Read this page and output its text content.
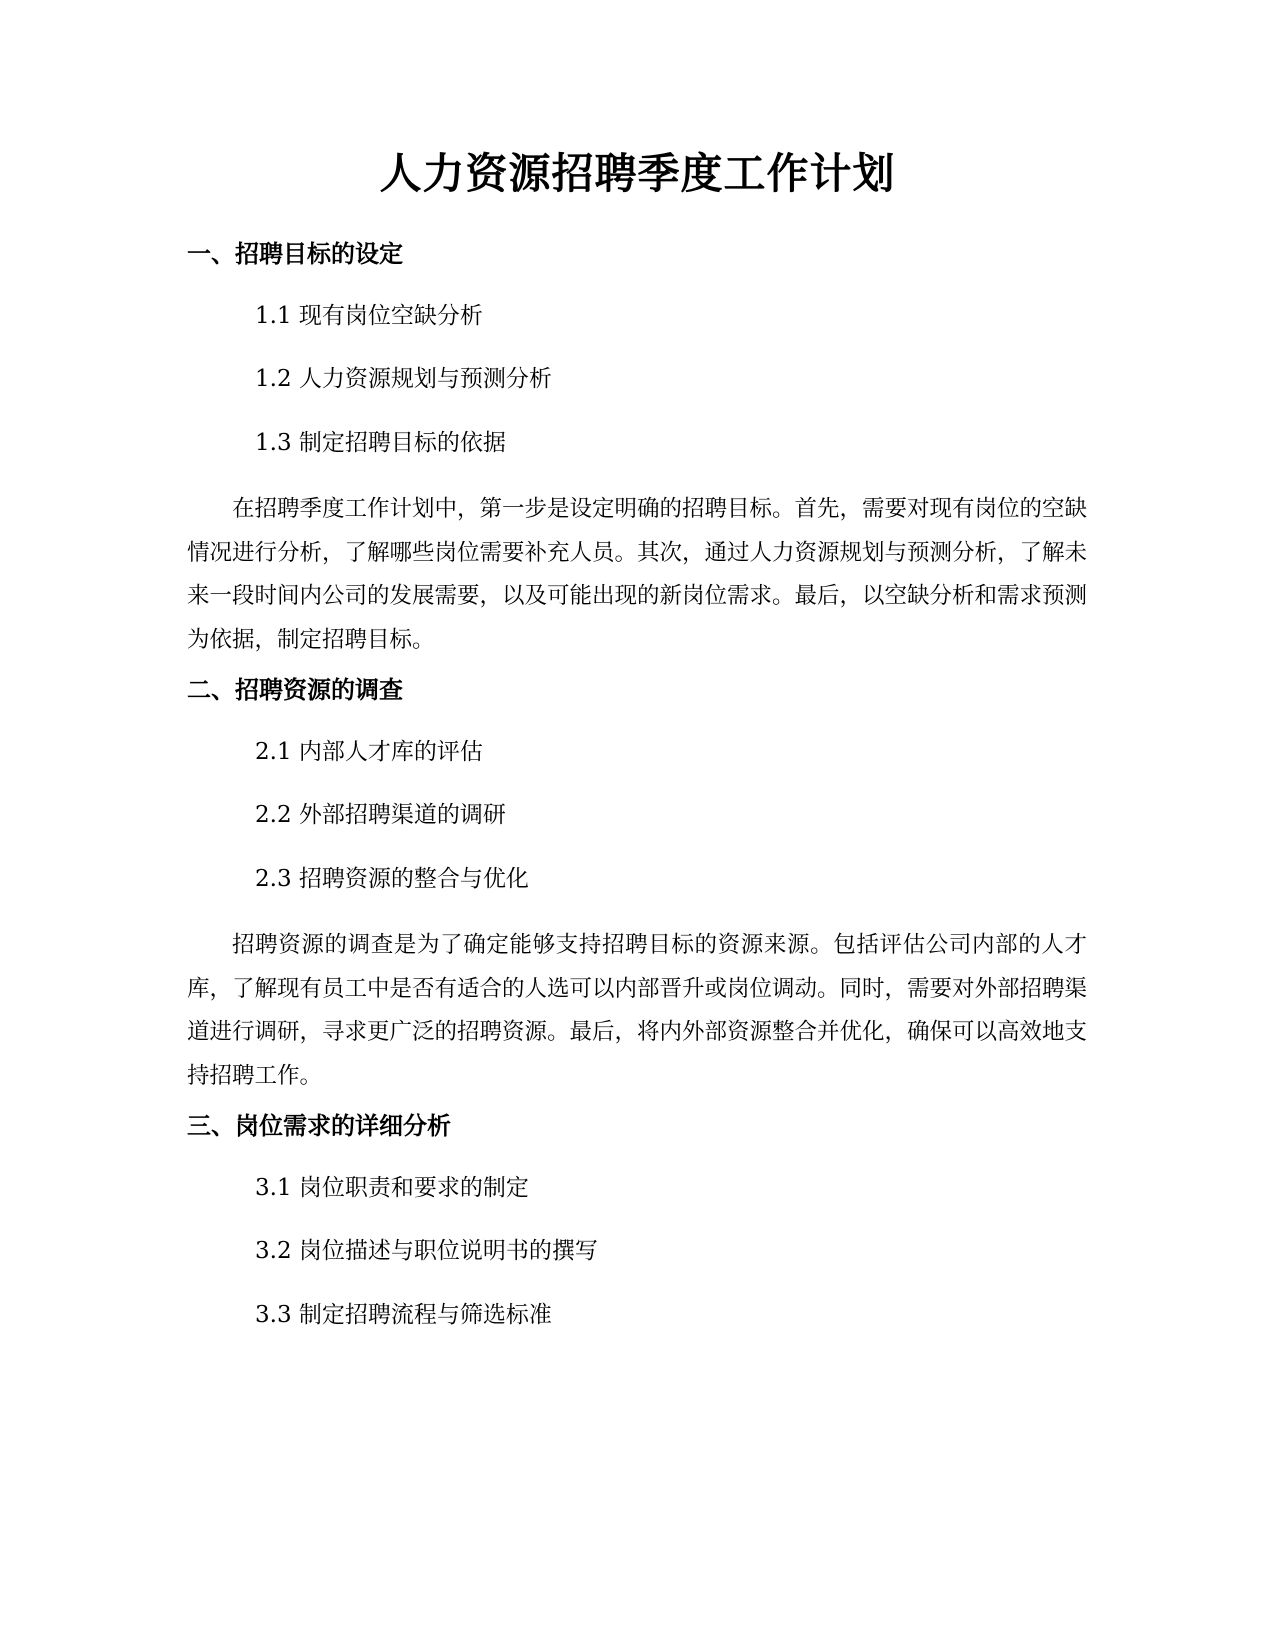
人力资源招聘季度工作计划
一、招聘目标的设定
1.1 现有岗位空缺分析
1.2 人力资源规划与预测分析
1.3 制定招聘目标的依据
在招聘季度工作计划中，第一步是设定明确的招聘目标。首先，需要对现有岗位的空缺情况进行分析，了解哪些岗位需要补充人员。其次，通过人力资源规划与预测分析，了解未来一段时间内公司的发展需要，以及可能出现的新岗位需求。最后，以空缺分析和需求预测为依据，制定招聘目标。
二、招聘资源的调查
2.1 内部人才库的评估
2.2 外部招聘渠道的调研
2.3 招聘资源的整合与优化
招聘资源的调查是为了确定能够支持招聘目标的资源来源。包括评估公司内部的人才库，了解现有员工中是否有适合的人选可以内部晋升或岗位调动。同时，需要对外部招聘渠道进行调研，寻求更广泛的招聘资源。最后，将内外部资源整合并优化，确保可以高效地支持招聘工作。
三、岗位需求的详细分析
3.1 岗位职责和要求的制定
3.2 岗位描述与职位说明书的撰写
3.3 制定招聘流程与筛选标准
